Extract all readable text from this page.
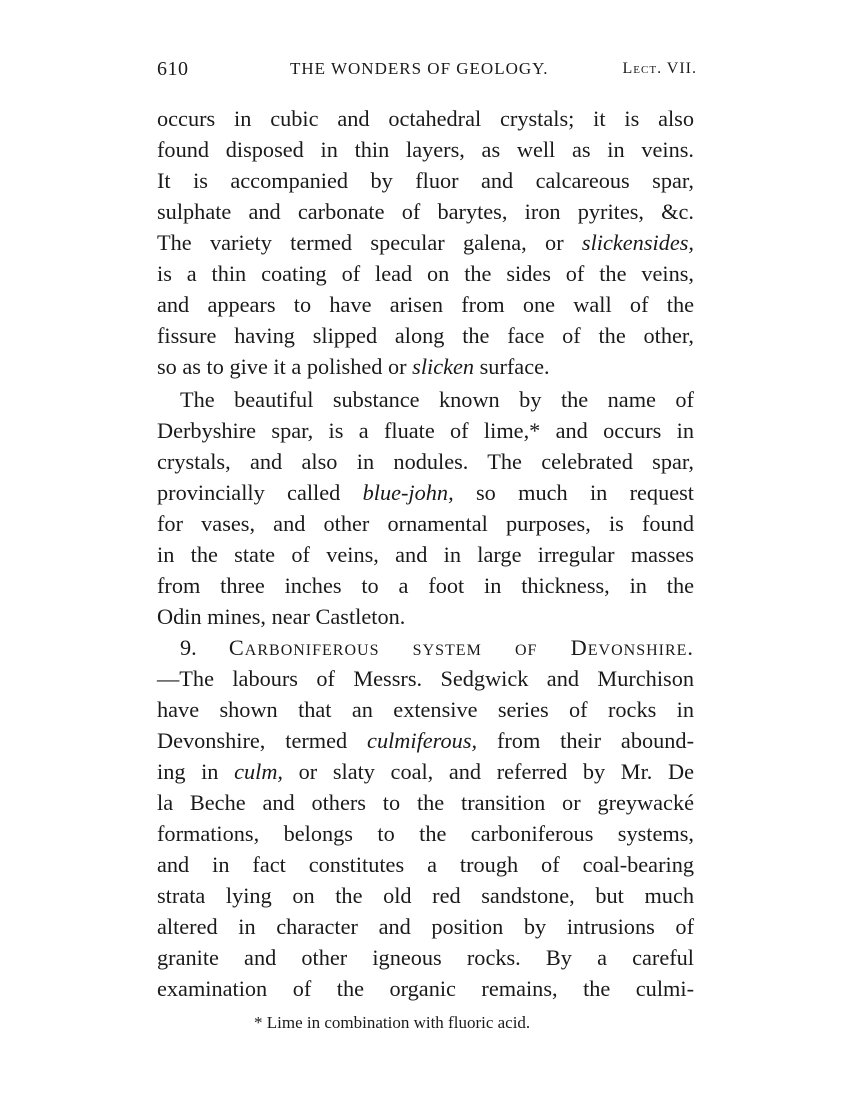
610	THE WONDERS OF GEOLOGY.	Lect. VII.
occurs in cubic and octahedral crystals; it is also
found disposed in thin layers, as well as in veins.
It is accompanied by fluor and calcareous spar,
sulphate and carbonate of barytes, iron pyrites, &c.
The variety termed specular galena, or slickensides,
is a thin coating of lead on the sides of the veins,
and appears to have arisen from one wall of the
fissure having slipped along the face of the other,
so as to give it a polished or slicken surface.
The beautiful substance known by the name of
Derbyshire spar, is a fluate of lime,* and occurs in
crystals, and also in nodules. The celebrated spar,
provincially called blue-john, so much in request
for vases, and other ornamental purposes, is found
in the state of veins, and in large irregular masses
from three inches to a foot in thickness, in the
Odin mines, near Castleton.
9. Carboniferous system of Devonshire.
—The labours of Messrs. Sedgwick and Murchison
have shown that an extensive series of rocks in
Devonshire, termed culmiferous, from their abound-
ing in culm, or slaty coal, and referred by Mr. De
la Beche and others to the transition or greywacké
formations, belongs to the carboniferous systems,
and in fact constitutes a trough of coal-bearing
strata lying on the old red sandstone, but much
altered in character and position by intrusions of
granite and other igneous rocks. By a careful
examination of the organic remains, the culmi-
* Lime in combination with fluoric acid.
